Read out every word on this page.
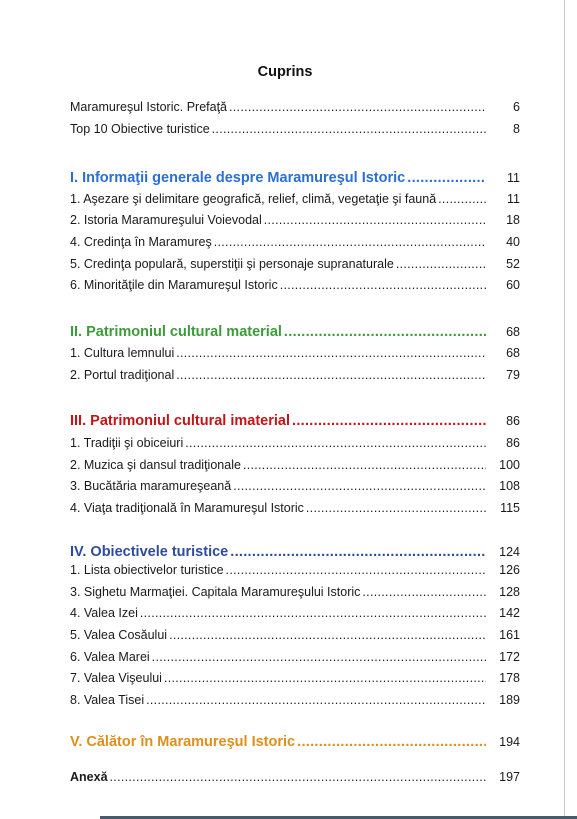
Cuprins
Maramureşul Istoric. Prefaţă .....	6
Top 10 Obiective turistice .....	8
I. Informaţii generale despre Maramureşul Istoric .....	11
1. Aşezare şi delimitare geografică, relief, climă, vegetaţie şi faună .....	11
2. Istoria Maramureşului Voievodal .....	18
4. Credinţa în Maramureş .....	40
5. Credinţa populară, superstiţii şi personaje supranaturale .....	52
6. Minorităţile din Maramureşul Istoric .....	60
II. Patrimoniul cultural material .....	68
1. Cultura lemnului .....	68
2. Portul tradiţional .....	79
III. Patrimoniul cultural imaterial .....	86
1. Tradiţii şi obiceiuri .....	86
2. Muzica şi dansul tradiţionale .....	100
3. Bucătăria maramureşeană .....	108
4. Viaţa tradiţională în Maramureşul Istoric .....	115
IV. Obiectivele turistice .....	124
1. Lista obiectivelor turistice .....	126
3. Sighetu Marmaţiei. Capitala Maramureşului Istoric .....	128
4. Valea Izei .....	142
5. Valea Cosăului .....	161
6. Valea Marei .....	172
7. Valea Vişeului .....	178
8. Valea Tisei .....	189
V. Călător în Maramureşul Istoric .....	194
Anexă .....	197
